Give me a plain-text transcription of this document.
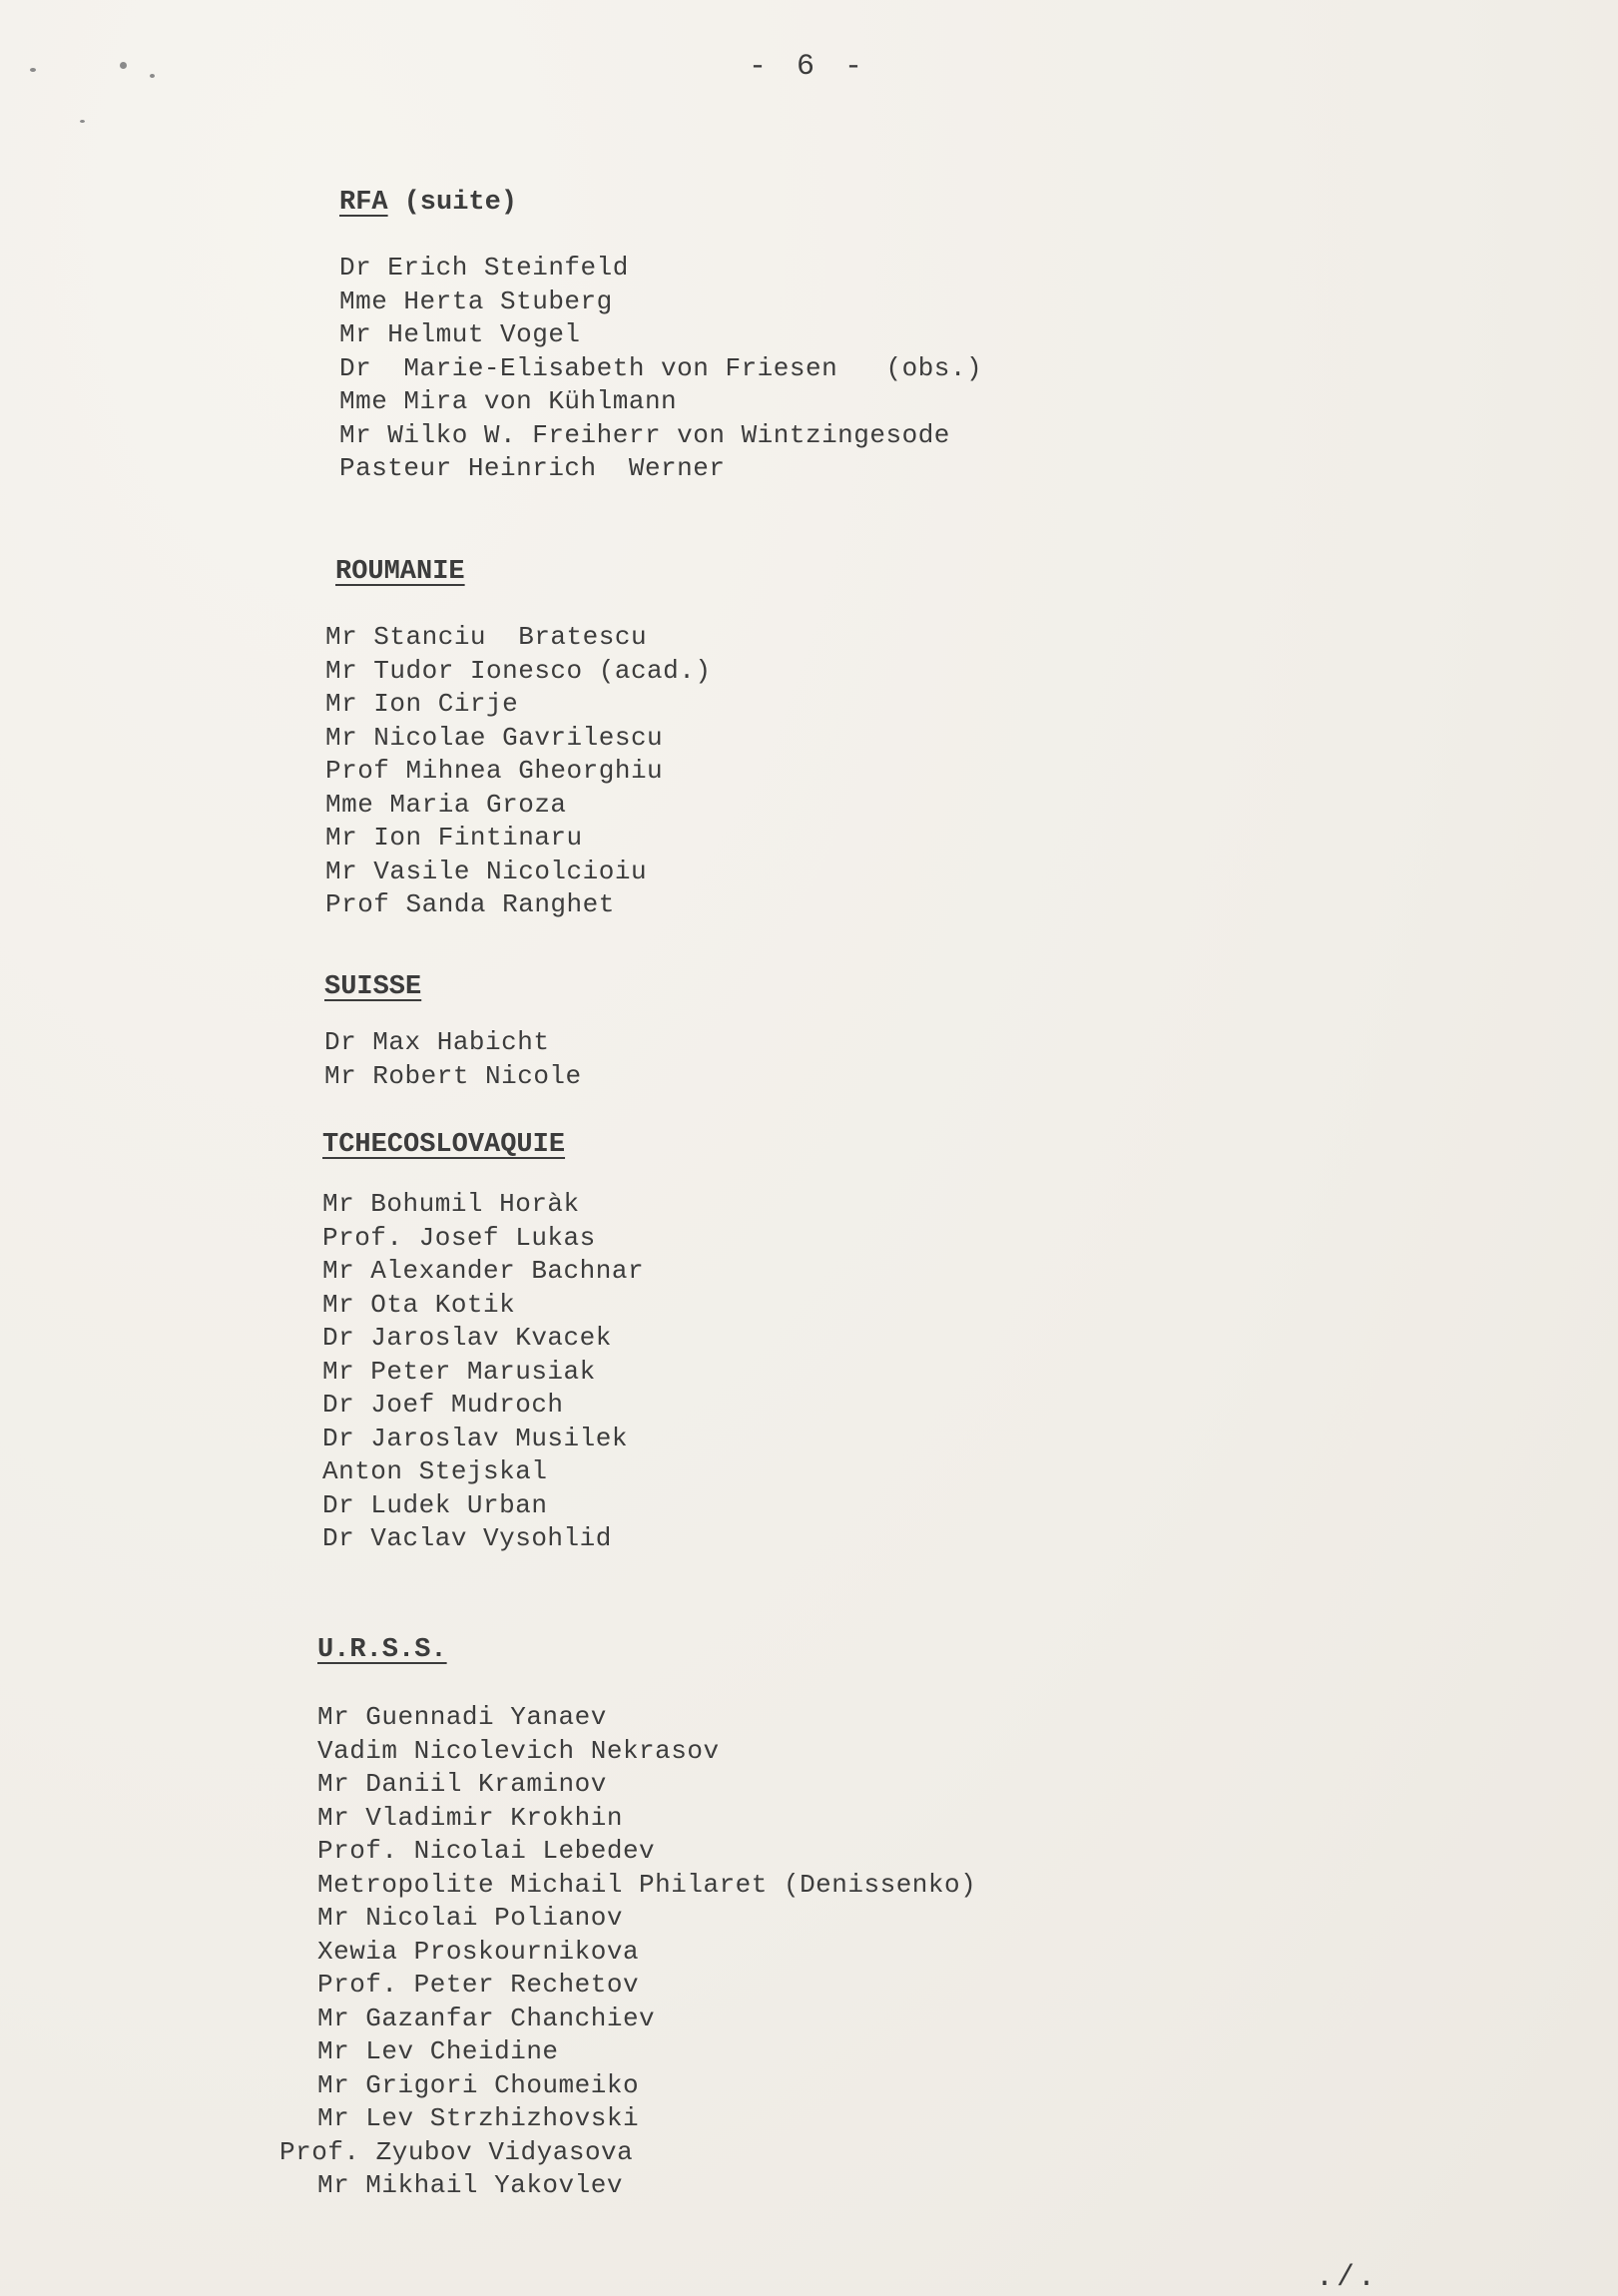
- 6 -
RFA (suite)
Dr Erich Steinfeld
Mme Herta Stuberg
Mr Helmut Vogel
Dr  Marie-Elisabeth von Friesen   (obs.)
Mme Mira von Kühlmann
Mr Wilko W. Freiherr von Wintzingesode
Pasteur Heinrich  Werner
ROUMANIE
Mr Stanciu  Bratescu
Mr Tudor Ionesco (acad.)
Mr Ion Cirje
Mr Nicolae Gavrilescu
Prof Mihnea Gheorghiu
Mme Maria Groza
Mr Ion Fintinaru
Mr Vasile Nicolcioiu
Prof Sanda Ranghet
SUISSE
Dr Max Habicht
Mr Robert Nicole
TCHECOSLOVAQUIE
Mr Bohumil Horàk
Prof. Josef Lukas
Mr Alexander Bachnar
Mr Ota Kotik
Dr Jaroslav Kvacek
Mr Peter Marusiak
Dr Joef Mudroch
Dr Jaroslav Musilek
Anton Stejskal
Dr Ludek Urban
Dr Vaclav Vysohlid
U.R.S.S.
Mr Guennadi Yanaev
Vadim Nicolevich Nekrasov
Mr Daniil Kraminov
Mr Vladimir Krokhin
Prof. Nicolai Lebedev
Metropolite Michail Philaret (Denissenko)
Mr Nicolai Polianov
Xewia Proskournikova
Prof. Peter Rechetov
Mr Gazanfar Chanchiev
Mr Lev Cheidine
Mr Grigori Choumeiko
Mr Lev Strzhizhovski
Prof. Zyubov Vidyasova
Mr Mikhail Yakovlev
./.
